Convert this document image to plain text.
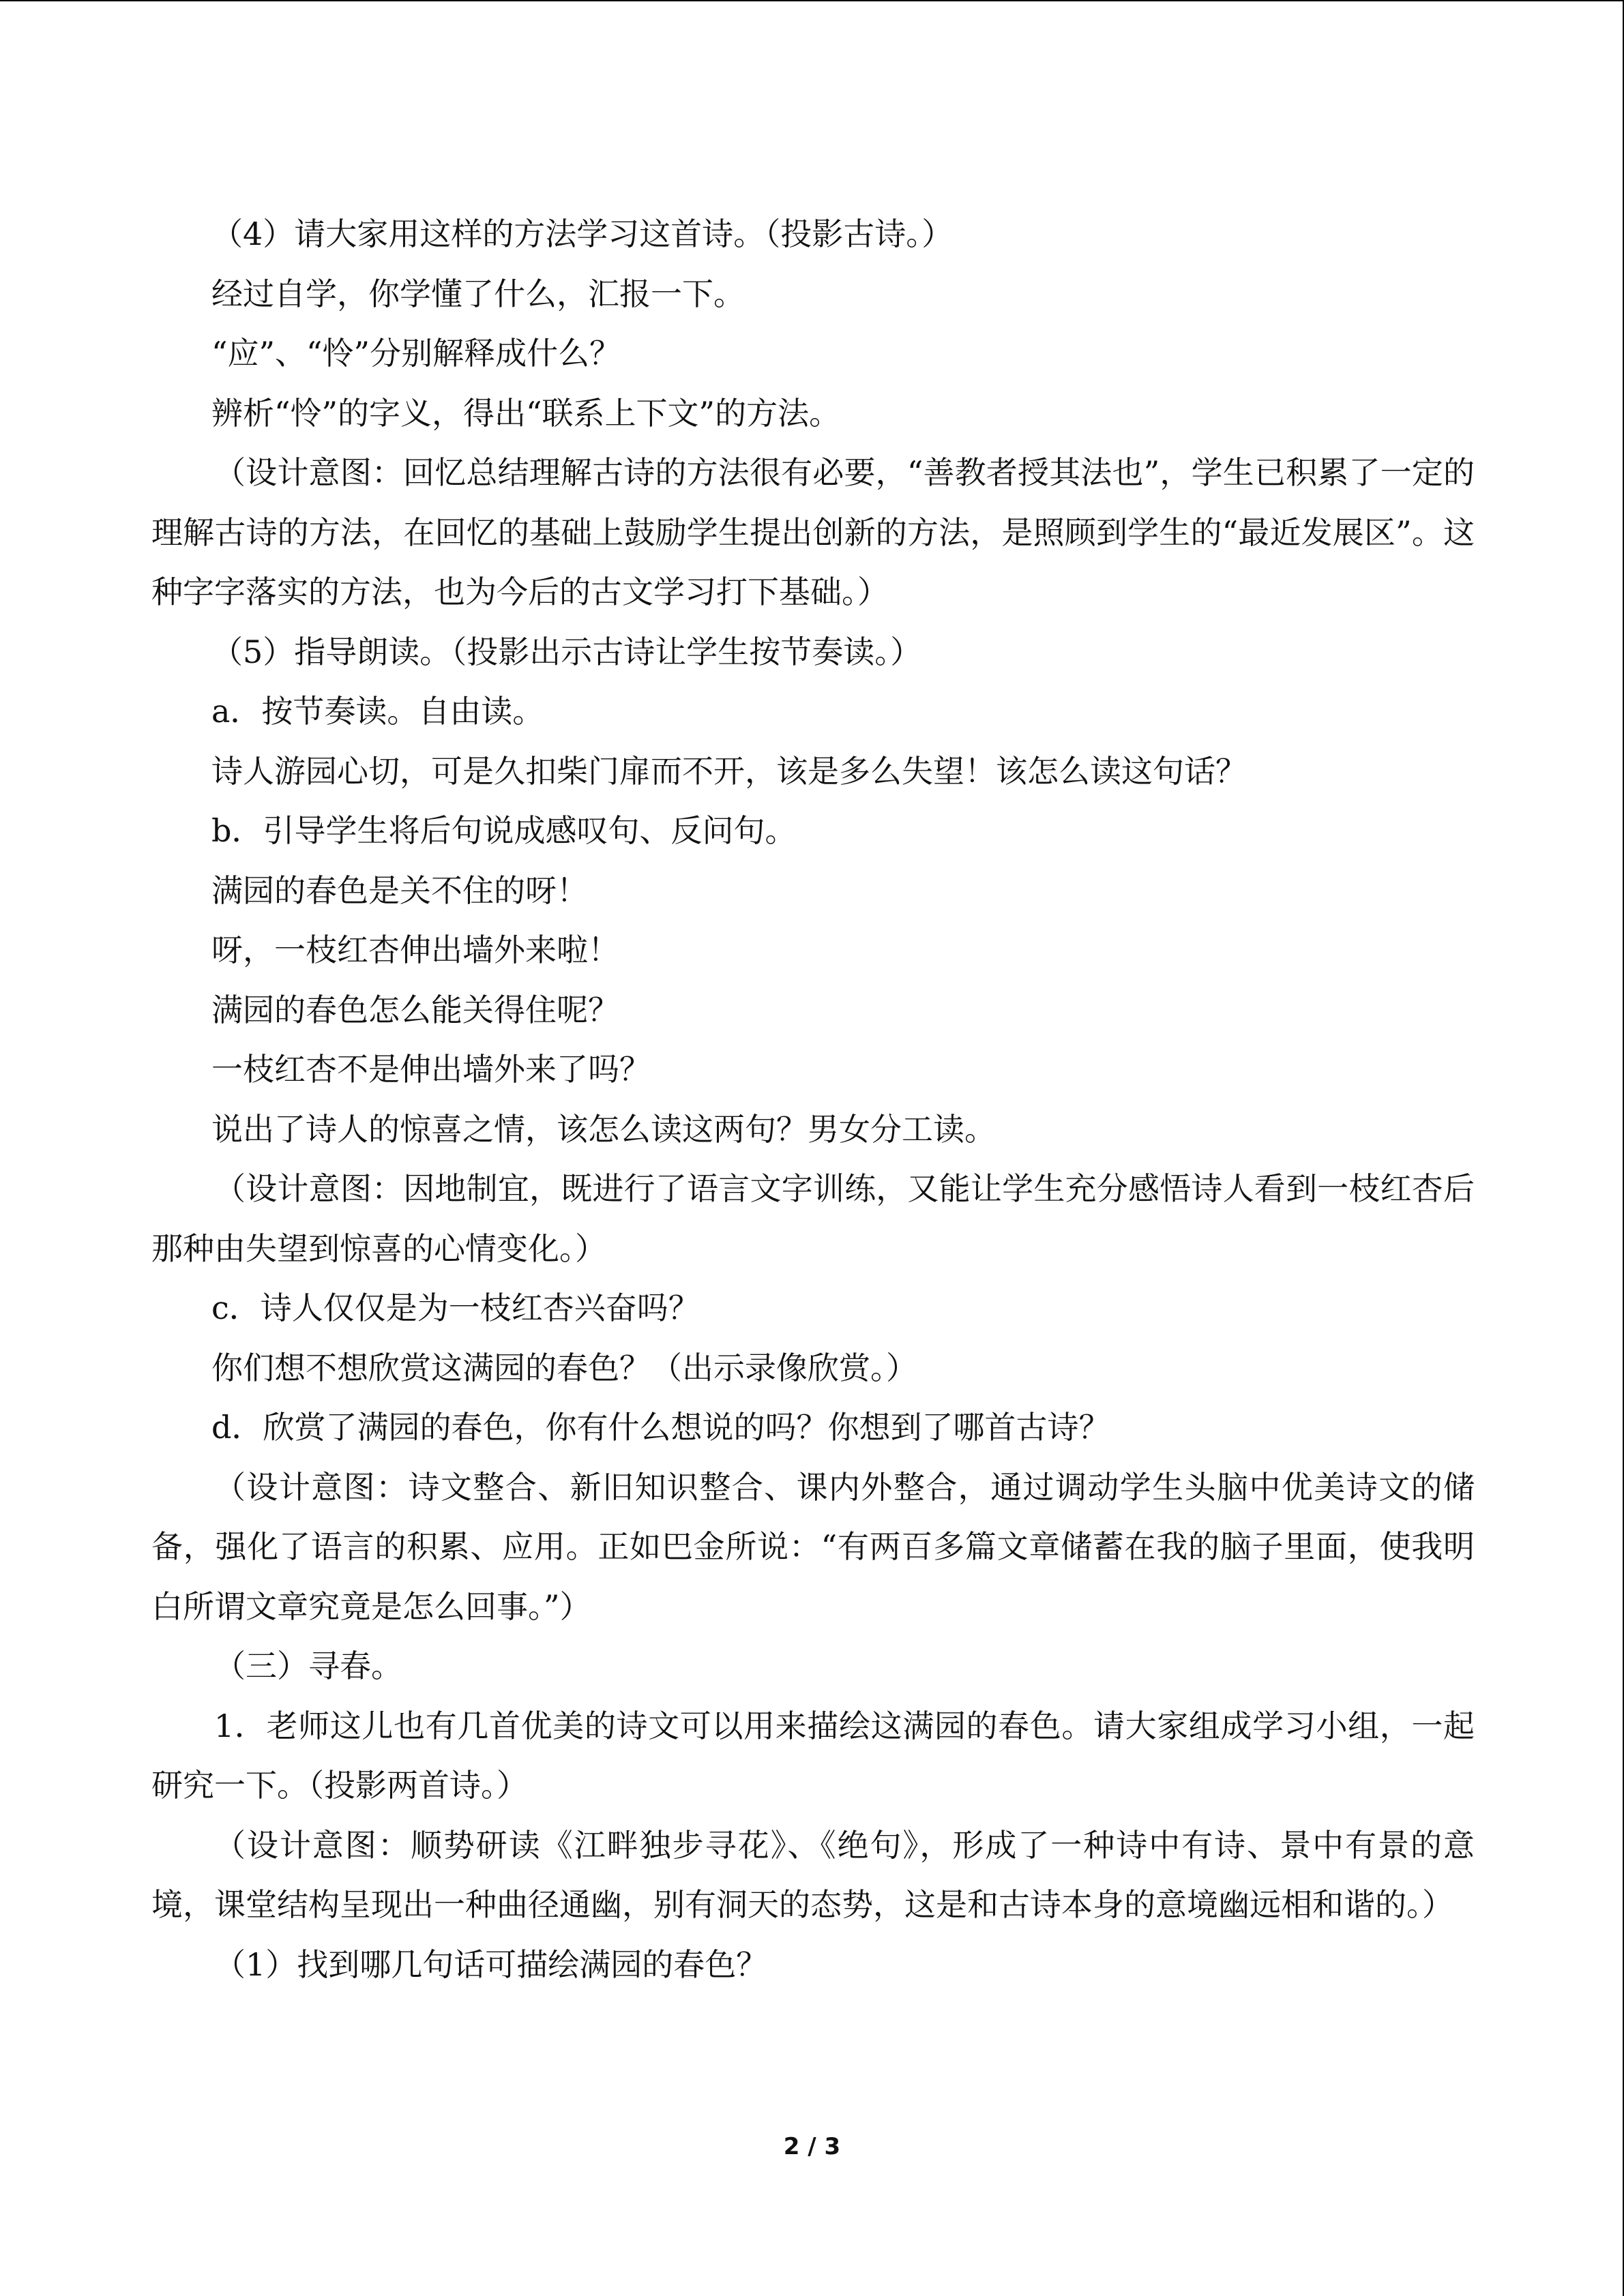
（4）请大家用这样的方法学习这首诗。（投影古诗。）

经过自学，你学懂了什么，汇报一下。

“应”、“怜”分别解释成什么？

辨析“怜”的字义，得出“联系上下文”的方法。

（设计意图：回忆总结理解古诗的方法很有必要，“善教者授其法也”，学生已积累了一定的理解古诗的方法，在回忆的基础上鼓励学生提出创新的方法，是照顾到学生的“最近发展区”。这种字字落实的方法，也为今后的古文学习打下基础。）

（5）指导朗读。（投影出示古诗让学生按节奏读。）

a．按节奏读。自由读。

诗人游园心切，可是久扣柴门扉而不开，该是多么失望！该怎么读这句话？

b．引导学生将后句说成感叹句、反问句。

满园的春色是关不住的呀！

呀，一枝红杏伸出墙外来啦！

满园的春色怎么能关得住呢？

一枝红杏不是伸出墙外来了吗？

说出了诗人的惊喜之情，该怎么读这两句？男女分工读。

（设计意图：因地制宜，既进行了语言文字训练，又能让学生充分感悟诗人看到一枝红杏后那种由失望到惊喜的心情变化。）

c．诗人仅仅是为一枝红杏兴奋吗？

你们想不想欣赏这满园的春色？（出示录像欣赏。）

d．欣赏了满园的春色，你有什么想说的吗？你想到了哪首古诗？

（设计意图：诗文整合、新旧知识整合、课内外整合，通过调动学生头脑中优美诗文的储备，强化了语言的积累、应用。正如巴金所说：“有两百多篇文章储蓄在我的脑子里面，使我明白所谓文章究竟是怎么回事。”）

（三）寻春。

1．老师这儿也有几首优美的诗文可以用来描绘这满园的春色。请大家组成学习小组，一起研究一下。（投影两首诗。）

（设计意图：顺势研读《江畔独步寻花》、《绝句》，形成了一种诗中有诗、景中有景的意境，课堂结构呈现出一种曲径通幽，别有洞天的态势，这是和古诗本身的意境幽远相和谐的。）

（1）找到哪几句话可描绘满园的春色？

2 / 3
